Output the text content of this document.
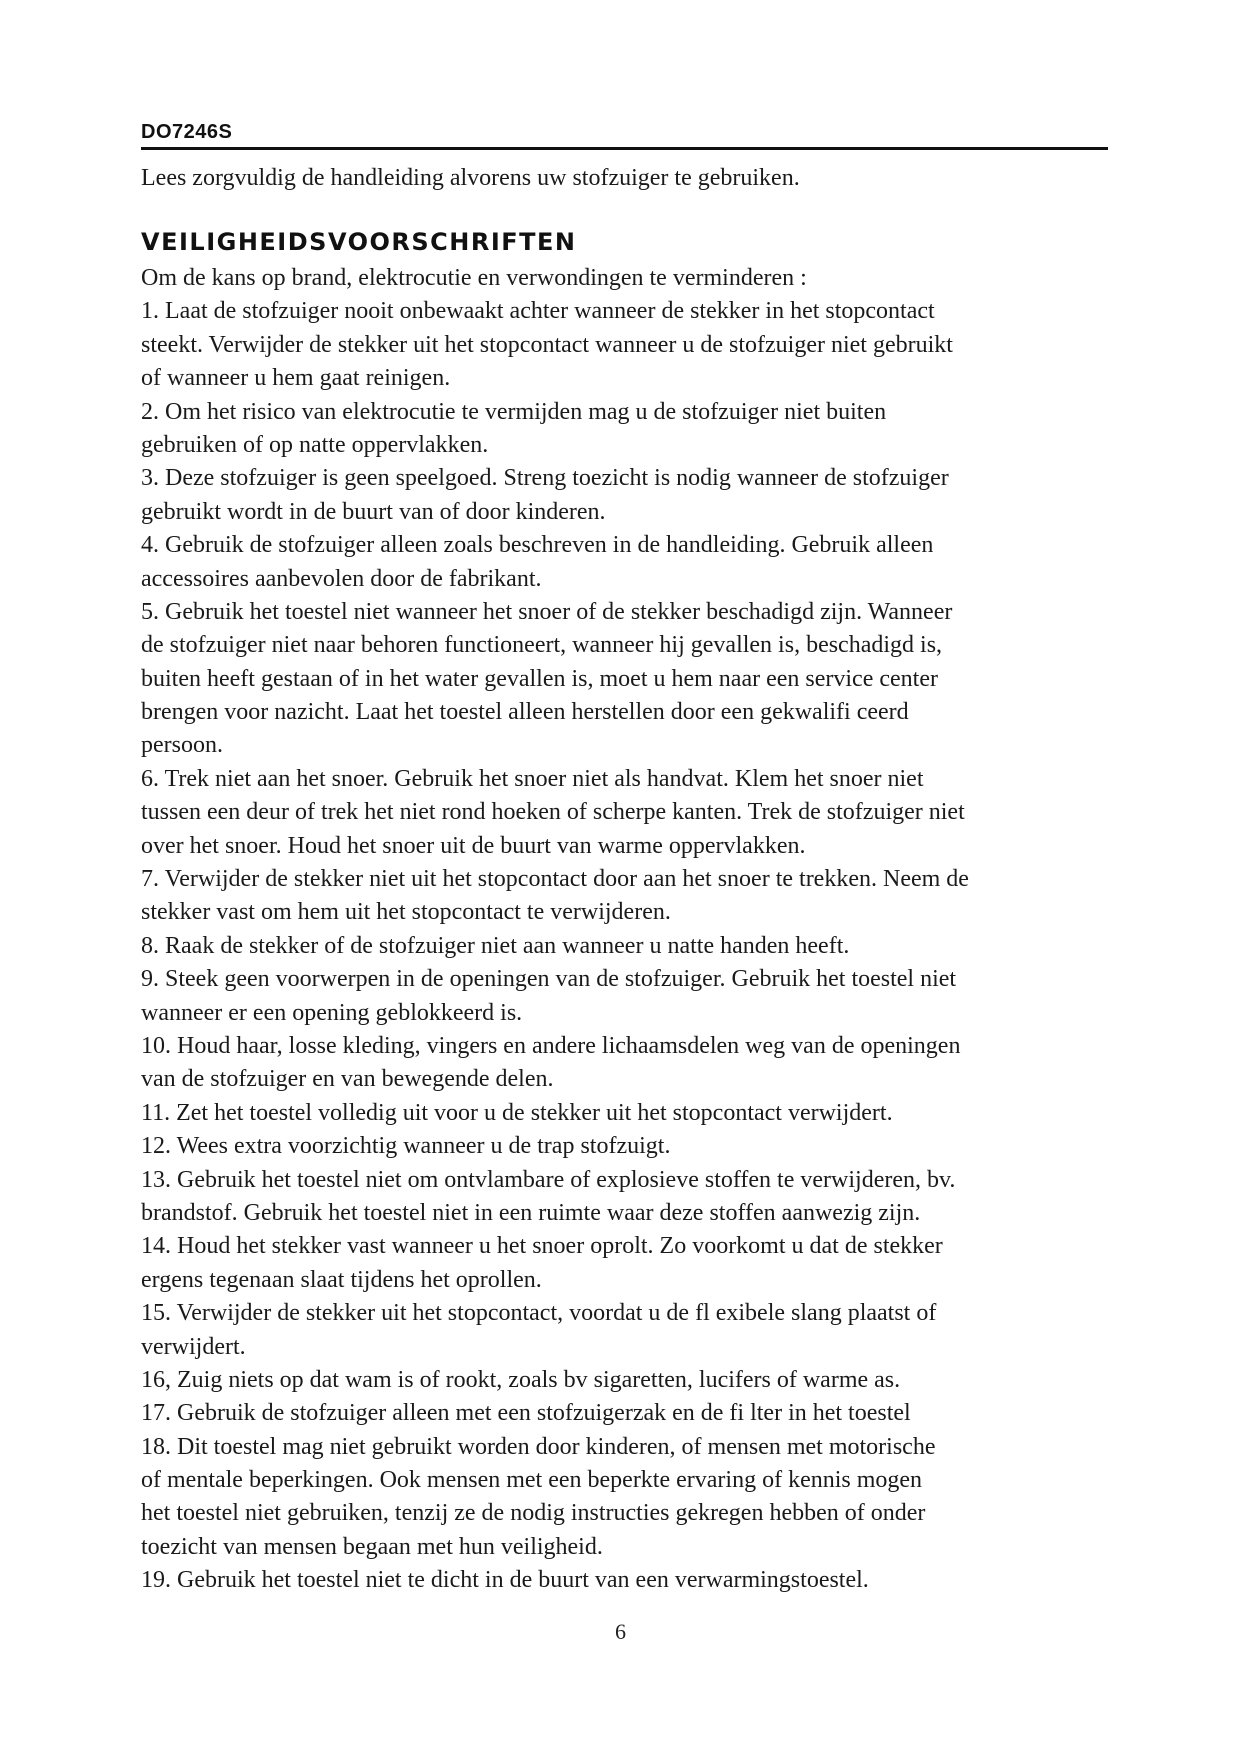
DO7246S
Lees zorgvuldig de handleiding alvorens uw stofzuiger te gebruiken.
VEILIGHEIDSVOORSCHRIFTEN
Om de kans op brand, elektrocutie en verwondingen te verminderen :
1. Laat de stofzuiger nooit onbewaakt achter wanneer de stekker in het stopcontact
steekt. Verwijder de stekker uit het stopcontact wanneer u de stofzuiger niet gebruikt
of wanneer u hem gaat reinigen.
2. Om het risico van elektrocutie te vermijden mag u de stofzuiger niet buiten
gebruiken of op natte oppervlakken.
3. Deze stofzuiger is geen speelgoed. Streng toezicht is nodig wanneer de stofzuiger
gebruikt wordt in de buurt van of door kinderen.
4. Gebruik de stofzuiger alleen zoals beschreven in de handleiding. Gebruik alleen
accessoires aanbevolen door de fabrikant.
5. Gebruik het toestel niet wanneer het snoer of de stekker beschadigd zijn. Wanneer
de stofzuiger niet naar behoren functioneert, wanneer hij gevallen is, beschadigd is,
buiten heeft gestaan of in het water gevallen is, moet u hem naar een service center
brengen voor nazicht. Laat het toestel alleen herstellen door een gekwalifi ceerd
persoon.
6. Trek niet aan het snoer. Gebruik het snoer niet als handvat. Klem het snoer niet
tussen een deur of trek het niet rond hoeken of scherpe kanten. Trek de stofzuiger niet
over het snoer. Houd het snoer uit de buurt van warme oppervlakken.
7. Verwijder de stekker niet uit het stopcontact door aan het snoer te trekken. Neem de
stekker vast om hem uit het stopcontact te verwijderen.
8. Raak de stekker of de stofzuiger niet aan wanneer u natte handen heeft.
9. Steek geen voorwerpen in de openingen van de stofzuiger. Gebruik het toestel niet
wanneer er een opening geblokkeerd is.
10. Houd haar, losse kleding, vingers en andere lichaamsdelen weg van de openingen
van de stofzuiger en van bewegende delen.
11. Zet het toestel volledig uit voor u de stekker uit het stopcontact verwijdert.
12. Wees extra voorzichtig wanneer u de trap stofzuigt.
13. Gebruik het toestel niet om ontvlambare of explosieve stoffen te verwijderen, bv.
brandstof. Gebruik het toestel niet in een ruimte waar deze stoffen aanwezig zijn.
14. Houd het stekker vast wanneer u het snoer oprolt. Zo voorkomt u dat de stekker
ergens tegenaan slaat tijdens het oprollen.
15. Verwijder de stekker uit het stopcontact, voordat u de fl exibele slang plaatst of
verwijdert.
16, Zuig niets op dat wam is of rookt, zoals bv sigaretten, lucifers of warme as.
17. Gebruik de stofzuiger alleen met een stofzuigerzak en de fi lter in het toestel
18. Dit toestel mag niet gebruikt worden door kinderen, of mensen met motorische
of mentale beperkingen. Ook mensen met een beperkte ervaring of kennis mogen
het toestel niet gebruiken, tenzij ze de nodig instructies gekregen hebben of onder
toezicht van mensen begaan met hun veiligheid.
19. Gebruik het toestel niet te dicht in de buurt van een verwarmingstoestel.
6
